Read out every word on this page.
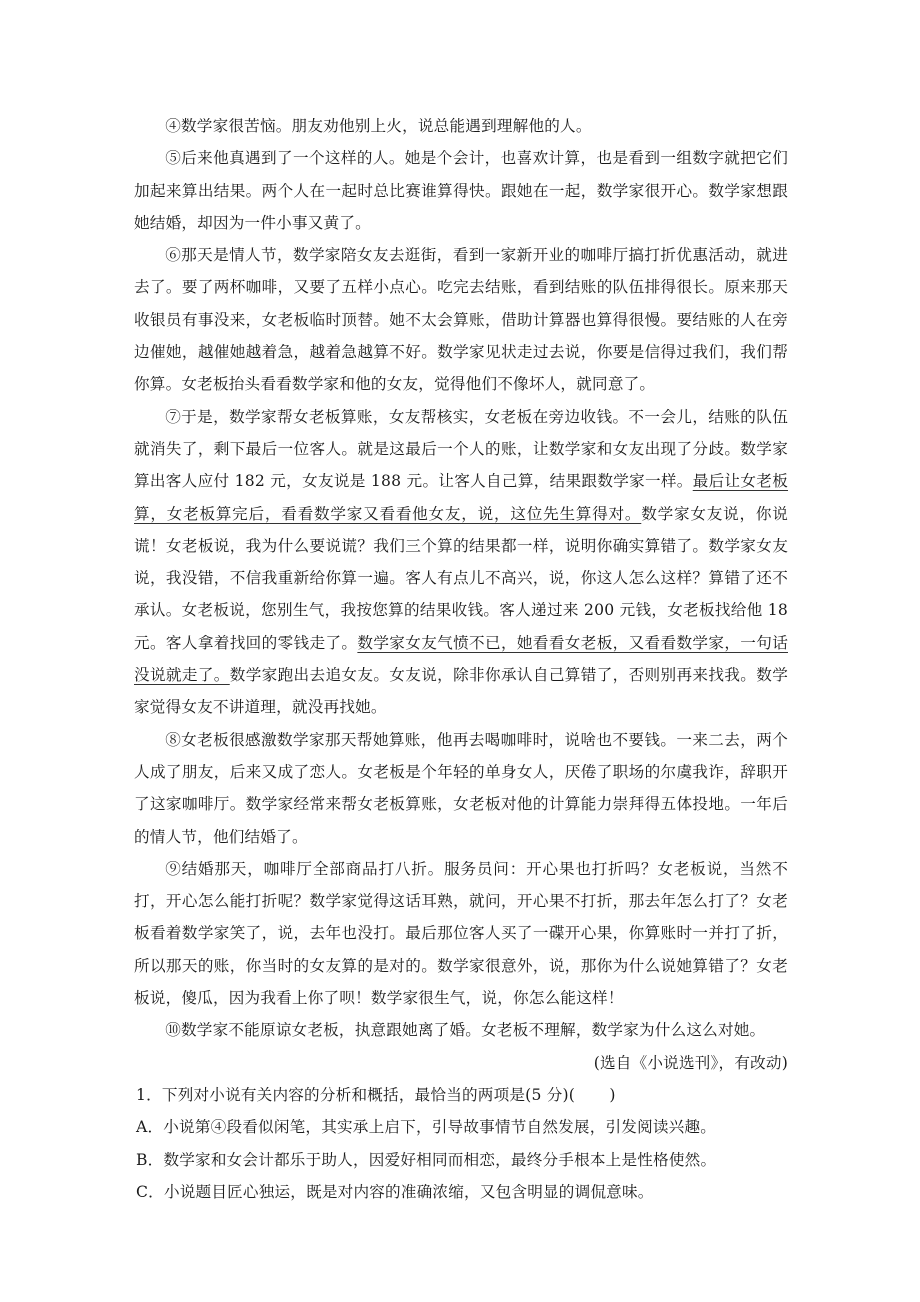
④数学家很苦恼。朋友劝他别上火，说总能遇到理解他的人。

⑤后来他真遇到了一个这样的人。她是个会计，也喜欢计算，也是看到一组数字就把它们加起来算出结果。两个人在一起时总比赛谁算得快。跟她在一起，数学家很开心。数学家想跟她结婚，却因为一件小事又黄了。

⑥那天是情人节，数学家陪女友去逛街，看到一家新开业的咖啡厅搞打折优惠活动，就进去了。要了两杯咖啡，又要了五样小点心。吃完去结账，看到结账的队伍排得很长。原来那天收银员有事没来，女老板临时顶替。她不太会算账，借助计算器也算得很慢。要结账的人在旁边催她，越催她越着急，越着急越算不好。数学家见状走过去说，你要是信得过我们，我们帮你算。女老板抬头看看数学家和他的女友，觉得他们不像坏人，就同意了。

⑦于是，数学家帮女老板算账，女友帮核实，女老板在旁边收钱。不一会儿，结账的队伍就消失了，剩下最后一位客人。就是这最后一个人的账，让数学家和女友出现了分歧。数学家算出客人应付 182 元，女友说是 188 元。让客人自己算，结果跟数学家一样。最后让女老板算，女老板算完后，看看数学家又看看他女友，说，这位先生算得对。数学家女友说，你说谎！女老板说，我为什么要说谎？我们三个算的结果都一样，说明你确实算错了。数学家女友说，我没错，不信我重新给你算一遍。客人有点儿不高兴，说，你这人怎么这样？算错了还不承认。女老板说，您别生气，我按您算的结果收钱。客人递过来 200 元钱，女老板找给他 18 元。客人拿着找回的零钱走了。数学家女友气愤不已，她看看女老板，又看看数学家，一句话没说就走了。数学家跑出去追女友。女友说，除非你承认自己算错了，否则别再来找我。数学家觉得女友不讲道理，就没再找她。

⑧女老板很感激数学家那天帮她算账，他再去喝咖啡时，说啥也不要钱。一来二去，两个人成了朋友，后来又成了恋人。女老板是个年轻的单身女人，厌倦了职场的尔虞我诈，辞职开了这家咖啡厅。数学家经常来帮女老板算账，女老板对他的计算能力崇拜得五体投地。一年后的情人节，他们结婚了。

⑨结婚那天，咖啡厅全部商品打八折。服务员问：开心果也打折吗？女老板说，当然不打，开心怎么能打折呢？数学家觉得这话耳熟，就问，开心果不打折，那去年怎么打了？女老板看着数学家笑了，说，去年也没打。最后那位客人买了一碟开心果，你算账时一并打了折，所以那天的账，你当时的女友算的是对的。数学家很意外，说，那你为什么说她算错了？女老板说，傻瓜，因为我看上你了呗！数学家很生气，说，你怎么能这样！

⑩数学家不能原谅女老板，执意跟她离了婚。女老板不理解，数学家为什么这么对她。

(选自《小说选刊》，有改动)

1．下列对小说有关内容的分析和概括，最恰当的两项是(5 分)( )

A．小说第④段看似闲笔，其实承上启下，引导故事情节自然发展，引发阅读兴趣。

B．数学家和女会计都乐于助人，因爱好相同而相恋，最终分手根本上是性格使然。

C．小说题目匠心独运，既是对内容的准确浓缩，又包含明显的调侃意味。
